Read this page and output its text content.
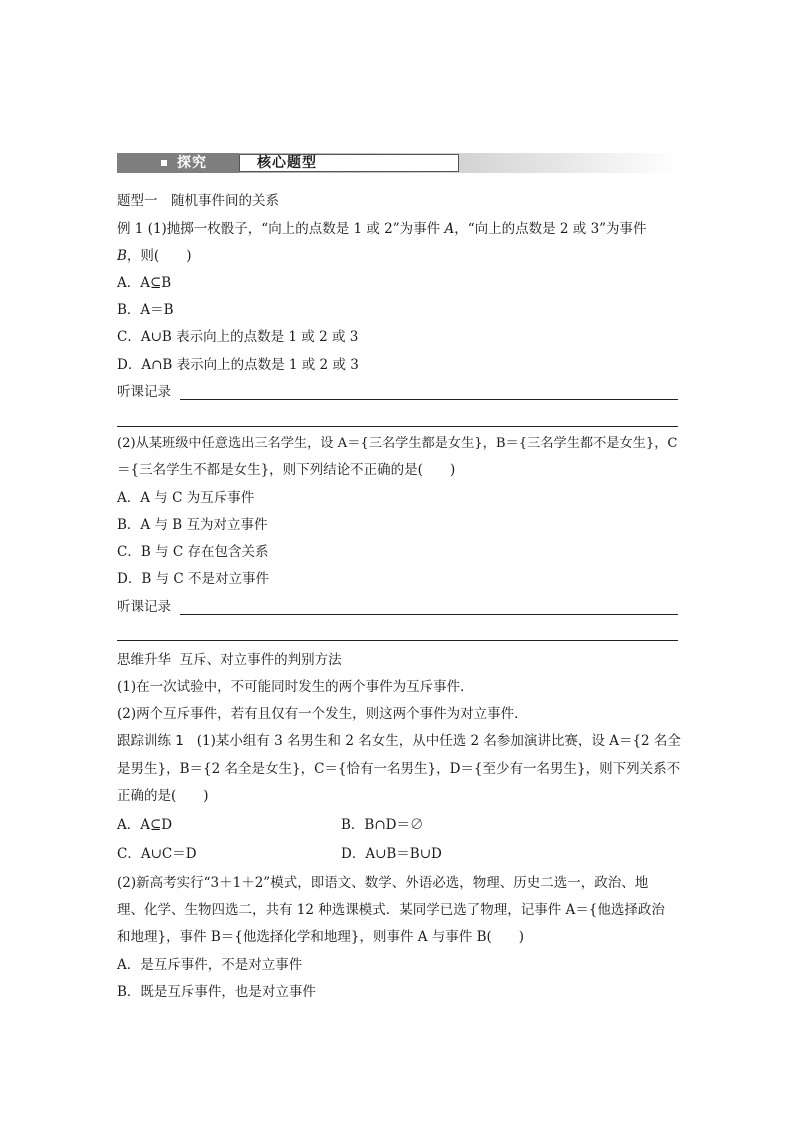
探究	核心题型
题型一　随机事件间的关系
例 1 (1)抛掷一枚骰子，“向上的点数是 1 或 2”为事件 A，“向上的点数是 2 或 3”为事件
B，则(　　)
A．A⊆B
B．A＝B
C．A∪B 表示向上的点数是 1 或 2 或 3
D．A∩B 表示向上的点数是 1 或 2 或 3
听课记录
(2)从某班级中任意选出三名学生，设 A＝{三名学生都是女生}，B＝{三名学生都不是女生}，C
＝{三名学生不都是女生}，则下列结论不正确的是(　　)
A．A 与 C 为互斥事件
B．A 与 B 互为对立事件
C．B 与 C 存在包含关系
D．B 与 C 不是对立事件
听课记录
思维升华 互斥、对立事件的判别方法
(1)在一次试验中，不可能同时发生的两个事件为互斥事件．
(2)两个互斥事件，若有且仅有一个发生，则这两个事件为对立事件．
跟踪训练 1 (1)某小组有 3 名男生和 2 名女生，从中任选 2 名参加演讲比赛，设 A＝{2 名全
是男生}，B＝{2 名全是女生}，C＝{恰有一名男生}，D＝{至少有一名男生}，则下列关系不
正确的是(　　)
A．A⊆D	B．B∩D＝∅
C．A∪C＝D	D．A∪B＝B∪D
(2)新高考实行“3＋1＋2”模式，即语文、数学、外语必选，物理、历史二选一，政治、地
理、化学、生物四选二，共有 12 种选课模式．某同学已选了物理，记事件 A＝{他选择政治
和地理}，事件 B＝{他选择化学和地理}，则事件 A 与事件 B(　　)
A．是互斥事件，不是对立事件
B．既是互斥事件，也是对立事件
